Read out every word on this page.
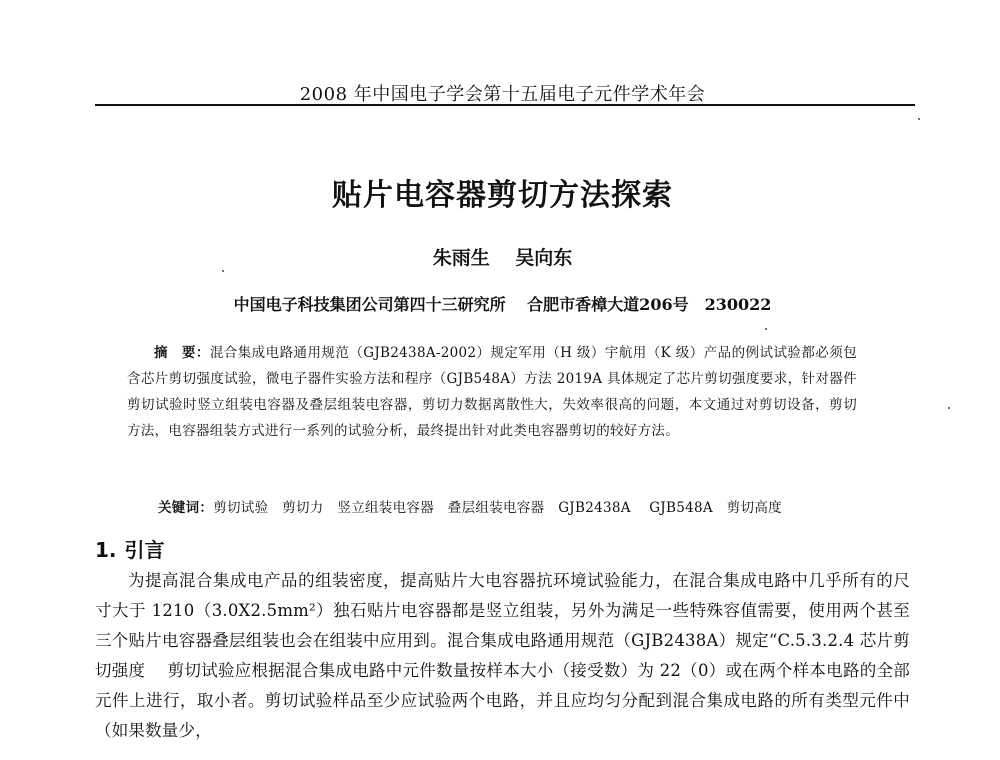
2008 年中国电子学会第十五届电子元件学术年会
贴片电容器剪切方法探索
朱雨生　 吴向东
中国电子科技集团公司第四十三研究所　 合肥市香樟大道206号　230022
摘　要：混合集成电路通用规范（GJB2438A-2002）规定军用（H 级）宇航用（K 级）产品的例试试验都必须包含芯片剪切强度试验，微电子器件实验方法和程序（GJB548A）方法 2019A 具体规定了芯片剪切强度要求，针对器件剪切试验时竖立组装电容器及叠层组装电容器，剪切力数据离散性大，失效率很高的问题，本文通过对剪切设备，剪切方法，电容器组装方式进行一系列的试验分析，最终提出针对此类电容器剪切的较好方法。
关键词：剪切试验　剪切力　竖立组装电容器　叠层组装电容器　GJB2438A　 GJB548A　剪切高度
1. 引言
为提高混合集成电产品的组装密度，提高贴片大电容器抗环境试验能力，在混合集成电路中几乎所有的尺寸大于 1210（3.0X2.5mm²）独石贴片电容器都是竖立组装，另外为满足一些特殊容值需要，使用两个甚至三个贴片电容器叠层组装也会在组装中应用到。混合集成电路通用规范（GJB2438A）规定“C.5.3.2.4 芯片剪切强度　 剪切试验应根据混合集成电路中元件数量按样本大小（接受数）为 22（0）或在两个样本电路的全部元件上进行，取小者。剪切试验样品至少应试验两个电路，并且应均匀分配到混合集成电路的所有类型元件中（如果数量少，
